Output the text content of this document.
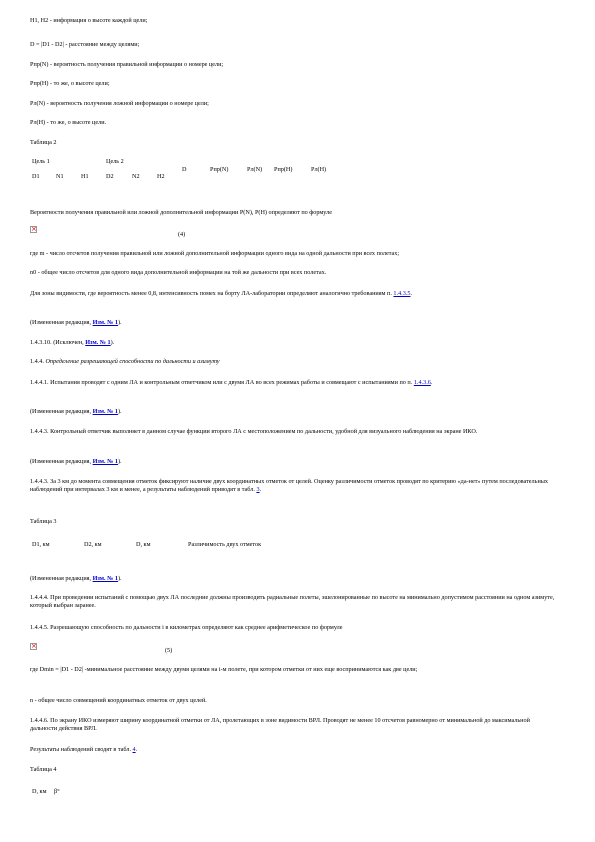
H1, H2 - информация о высоте каждой цели;
D = |D1 - D2| - расстояние между целями;
Pпр(N) - вероятность получения правильной информации о номере цели;
Pпр(H) - то же, о высоте цели;
Pл(N) - вероятность получения ложной информации о номере цели;
Pл(H) - то же, о высоте цели.
Таблица 2
Цель 1	Цель 2
D	Pпр(N)	Pл(N) Pпр(H)	Pл(H)
D1	N1	H1	D2	N2	H2
Вероятности получения правильной или ложной дополнительной информации P(N), P(H) определяют по формуле
×
(4)
где m - число отсчетов получения правильной или ложной дополнительной информации одного вида на одной дальности при всех полетах;
n0 - общее число отсчетов для одного вида дополнительной информации на той же дальности при всех полетах.
Для зоны видимости, где вероятность менее 0,8, интенсивность помех на борту ЛА-лаборатории определяют аналогично требованиям п. 1.4.3.5.
(Измененная редакция, Изм. № 1).
1.4.3.10. (Исключен, Изм. № 1).
1.4.4. Определение разрешающей способности по дальности и азимуту
1.4.4.1. Испытания проводят с одним ЛА и контрольным ответчиком или с двумя ЛА во всех режимах работы и совмещают с испытаниями по п. 1.4.3.6.
(Измененная редакция, Изм. № 1).
1.4.4.3. Контрольный ответчик выполняет в данном случае функции второго ЛА с местоположением по дальности, удобной для визуального наблюдения на экране ИКО.
(Измененная редакция, Изм. № 1).
1.4.4.3. За 3 км до момента совмещения отметок фиксируют наличие двух координатных отметок от целей. Оценку различимости отметок проводят по критерию «да-нет» путем последовательных наблюдений при интервалах 3 км и менее, а результаты наблюдений приводят в табл. 3.
Таблица 3
D1, км	D2, км	D, км	Различимость двух отметок
(Измененная редакция, Изм. № 1).
1.4.4.4. При проведении испытаний с помощью двух ЛА последние должны производить радиальные полеты, эшелонированные по высоте на минимально допустимом расстоянии на одном азимуте, который выбран заранее.
1.4.4.5. Разрешающую способность по дальности i в километрах определяют как среднее арифметическое по формуле
×
(5)
где Dmin = |D1 - D2| -минимальное расстояние между двумя целями на i-м полете, при котором отметки от них еще воспринимаются как две цели;
n - общее число совмещений координатных отметок от двух целей.
1.4.4.6. По экрану ИКО измеряют ширину координатной отметки от ЛА, пролетающих в зоне видимости ВРЛ. Проводят не менее 10 отсчетов равномерно от минимальной до максимальной дальности действия ВРЛ.
Результаты наблюдений сводят в табл. 4.
Таблица 4
D, км β°
